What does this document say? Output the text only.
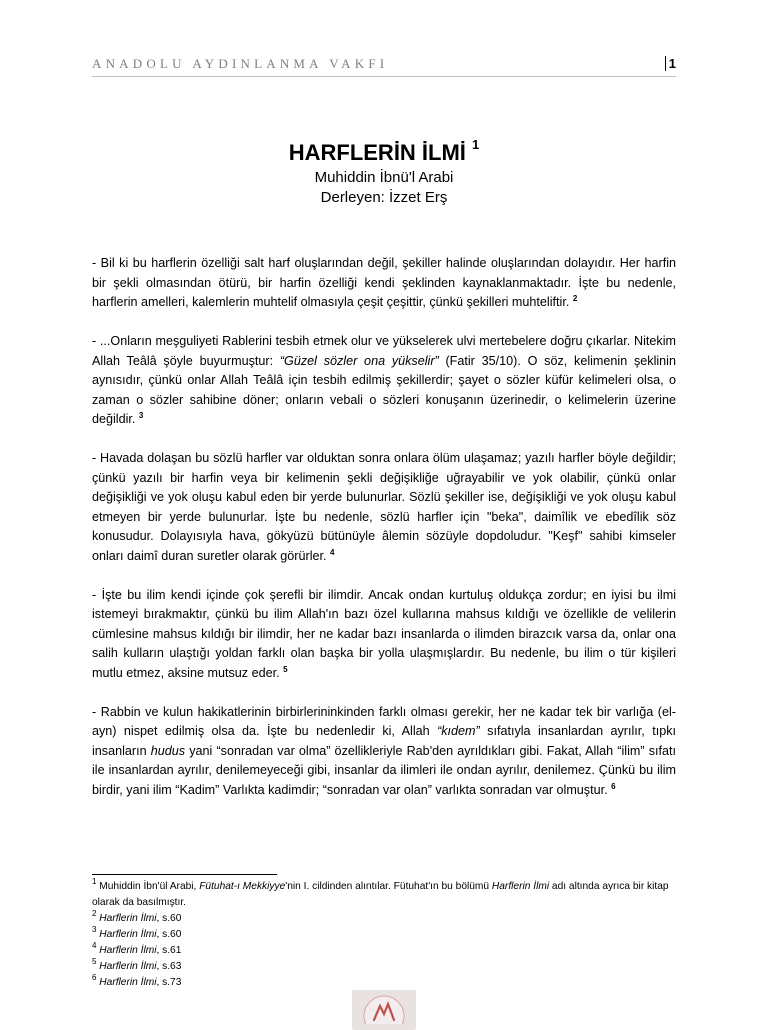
ANADOLU AYDINLANMA VAKFI	1
HARFLERİN İLMİ $^1$
Muhiddin İbnü'l Arabi
Derleyen: İzzet Erş

- Bil ki bu harflerin özelliği salt harf oluşlarından değil, şekiller halinde oluşlarından dolayıdır. Her harfin bir şekli olmasından ötürü, bir harfin özelliği kendi şeklinden kaynaklanmaktadır. İşte bu nedenle, harflerin amelleri, kalemlerin muhtelif olmasıyla çeşit çeşittir, çünkü şekilleri muhteliftir. $^2$

- ...Onların meşguliyeti Rablerini tesbih etmek olur ve yükselerek ulvi mertebelere doğru çıkarlar. Nitekim Allah Teâlâ şöyle buyurmuştur: “Güzel sözler ona yükselir” (Fatir 35/10). O söz, kelimenin şeklinin aynısıdır, çünkü onlar Allah Teâlâ için tesbih edilmiş şekillerdir; şayet o sözler küfür kelimeleri olsa, o zaman o sözler sahibine döner; onların vebali o sözleri konuşanın üzerinedir, o kelimelerin üzerine değildir. $^3$

- Havada dolaşan bu sözlü harfler var olduktan sonra onlara ölüm ulaşamaz; yazılı harfler böyle değildir; çünkü yazılı bir harfin veya bir kelimenin şekli değişikliğe uğrayabilir ve yok olabilir, çünkü onlar değişikliği ve yok oluşu kabul eden bir yerde bulunurlar. Sözlü şekiller ise, değişikliği ve yok oluşu kabul etmeyen bir yerde bulunurlar. İşte bu nedenle, sözlü harfler için "beka", daimîlik ve ebedîlik söz konusudur. Dolayısıyla hava, gökyüzü bütünüyle âlemin sözüyle dopdoludur. "Keşf" sahibi kimseler onları daimî duran suretler olarak görürler. $^4$

- İşte bu ilim kendi içinde çok şerefli bir ilimdir. Ancak ondan kurtuluş oldukça zordur; en iyisi bu ilmi istemeyi bırakmaktır, çünkü bu ilim Allah'ın bazı özel kullarına mahsus kıldığı ve özellikle de velilerin cümlesine mahsus kıldığı bir ilimdir, her ne kadar bazı insanlarda o ilimden birazcık varsa da, onlar ona salih kulların ulaştığı yoldan farklı olan başka bir yolla ulaşmışlardır. Bu nedenle, bu ilim o tür kişileri mutlu etmez, aksine mutsuz eder. $^5$

- Rabbin ve kulun hakikatlerinin birbirlerininkinden farklı olması gerekir, her ne kadar tek bir varlığa (el-ayn) nispet edilmiş olsa da. İşte bu nedenledir ki, Allah “kıdem” sıfatıyla insanlardan ayrılır, tıpkı insanların hudus yani “sonradan var olma” özellikleriyle Rab'den ayrıldıkları gibi. Fakat, Allah “ilim” sıfatı ile insanlardan ayrılır, denilemeyeceği gibi, insanlar da ilimleri ile ondan ayrılır, denilemez. Çünkü bu ilim birdir, yani ilim “Kadim” Varlıkta kadimdir; “sonradan var olan” varlıkta sonradan var olmuştur. $^6$

$^1$ Muhiddin İbn'ül Arabi, Fütuhat-ı Mekkiyye'nin I. cildinden alıntılar. Fütuhat'ın bu bölümü Harflerin İlmi adı altında ayrıca bir kitap olarak da basılmıştır.
$^2$ Harflerin İlmi, s.60
$^3$ Harflerin İlmi, s.60
$^4$ Harflerin İlmi, s.61
$^5$ Harflerin İlmi, s.63
$^6$ Harflerin İlmi, s.73
